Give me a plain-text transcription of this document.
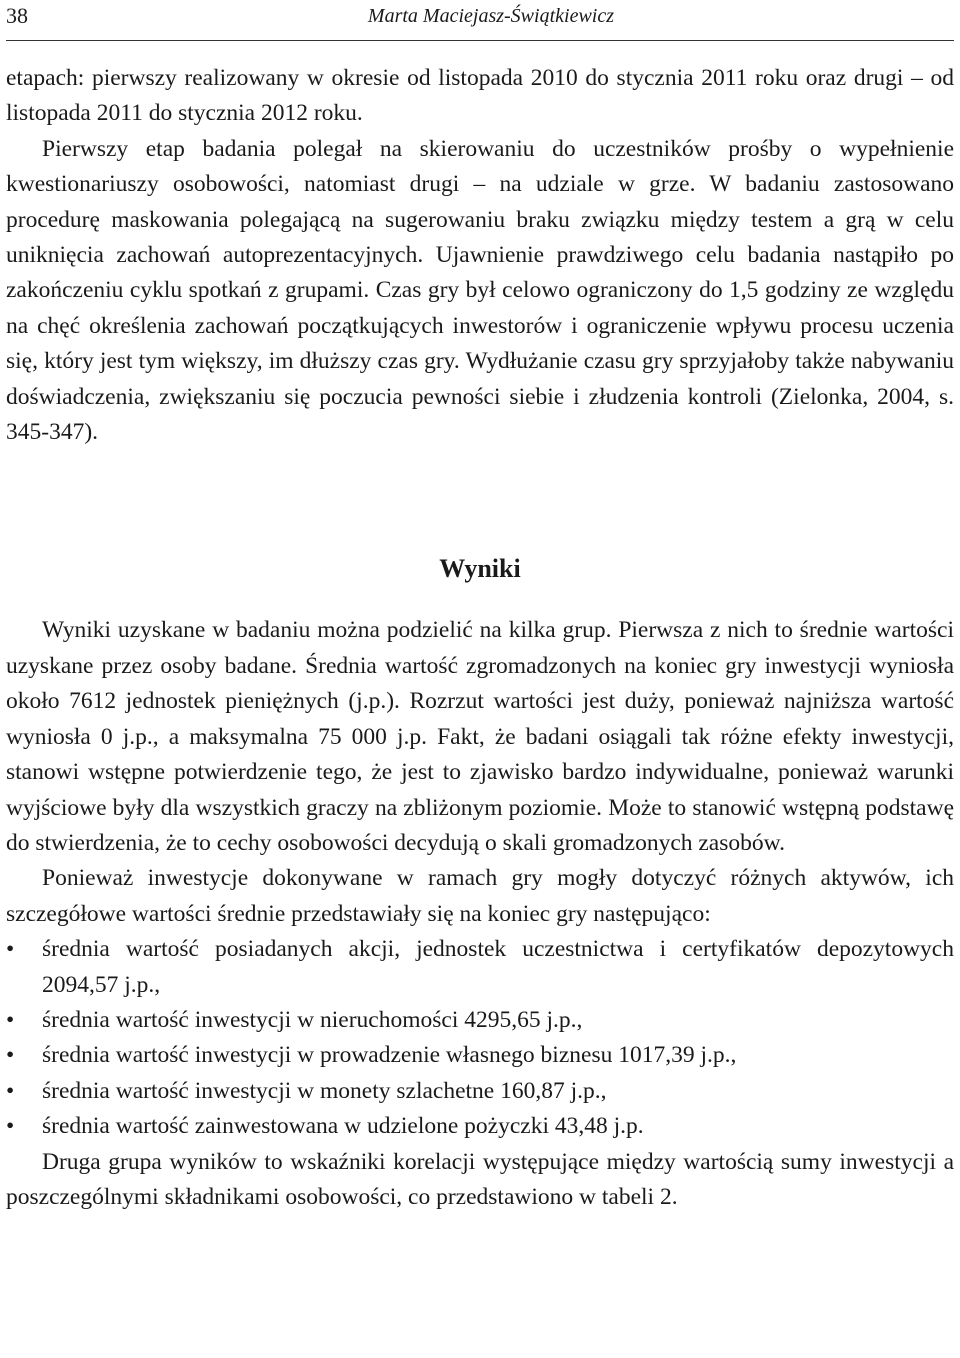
38	Marta Maciejasz-Świątkiewicz

etapach: pierwszy realizowany w okresie od listopada 2010 do stycznia 2011 roku oraz drugi – od listopada 2011 do stycznia 2012 roku.

Pierwszy etap badania polegał na skierowaniu do uczestników prośby o wypełnienie kwestionariuszy osobowości, natomiast drugi – na udziale w grze. W badaniu zastosowano procedurę maskowania polegającą na sugerowaniu braku związku między testem a grą w celu uniknięcia zachowań autoprezentacyjnych. Ujawnienie prawdziwego celu badania nastąpiło po zakończeniu cyklu spotkań z grupami. Czas gry był celowo ograniczony do 1,5 godziny ze względu na chęć określenia zachowań początkujących inwestorów i ograniczenie wpływu procesu uczenia się, który jest tym większy, im dłuższy czas gry. Wydłużanie czasu gry sprzyjałoby także nabywaniu doświadczenia, zwiększaniu się poczucia pewności siebie i złudzenia kontroli (Zielonka, 2004, s. 345-347).

Wyniki

Wyniki uzyskane w badaniu można podzielić na kilka grup. Pierwsza z nich to średnie wartości uzyskane przez osoby badane. Średnia wartość zgromadzonych na koniec gry inwestycji wyniosła około 7612 jednostek pieniężnych (j.p.). Rozrzut wartości jest duży, ponieważ najniższa wartość wyniosła 0 j.p., a maksymalna 75 000 j.p. Fakt, że badani osiągali tak różne efekty inwestycji, stanowi wstępne potwierdzenie tego, że jest to zjawisko bardzo indywidualne, ponieważ warunki wyjściowe były dla wszystkich graczy na zbliżonym poziomie. Może to stanowić wstępną podstawę do stwierdzenia, że to cechy osobowości decydują o skali gromadzonych zasobów.

Ponieważ inwestycje dokonywane w ramach gry mogły dotyczyć różnych aktywów, ich szczegółowe wartości średnie przedstawiały się na koniec gry następująco:

• średnia wartość posiadanych akcji, jednostek uczestnictwa i certyfikatów depozytowych 2094,57 j.p.,
• średnia wartość inwestycji w nieruchomości 4295,65 j.p.,
• średnia wartość inwestycji w prowadzenie własnego biznesu 1017,39 j.p.,
• średnia wartość inwestycji w monety szlachetne 160,87 j.p.,
• średnia wartość zainwestowana w udzielone pożyczki 43,48 j.p.

Druga grupa wyników to wskaźniki korelacji występujące między wartością sumy inwestycji a poszczególnymi składnikami osobowości, co przedstawiono w tabeli 2.
